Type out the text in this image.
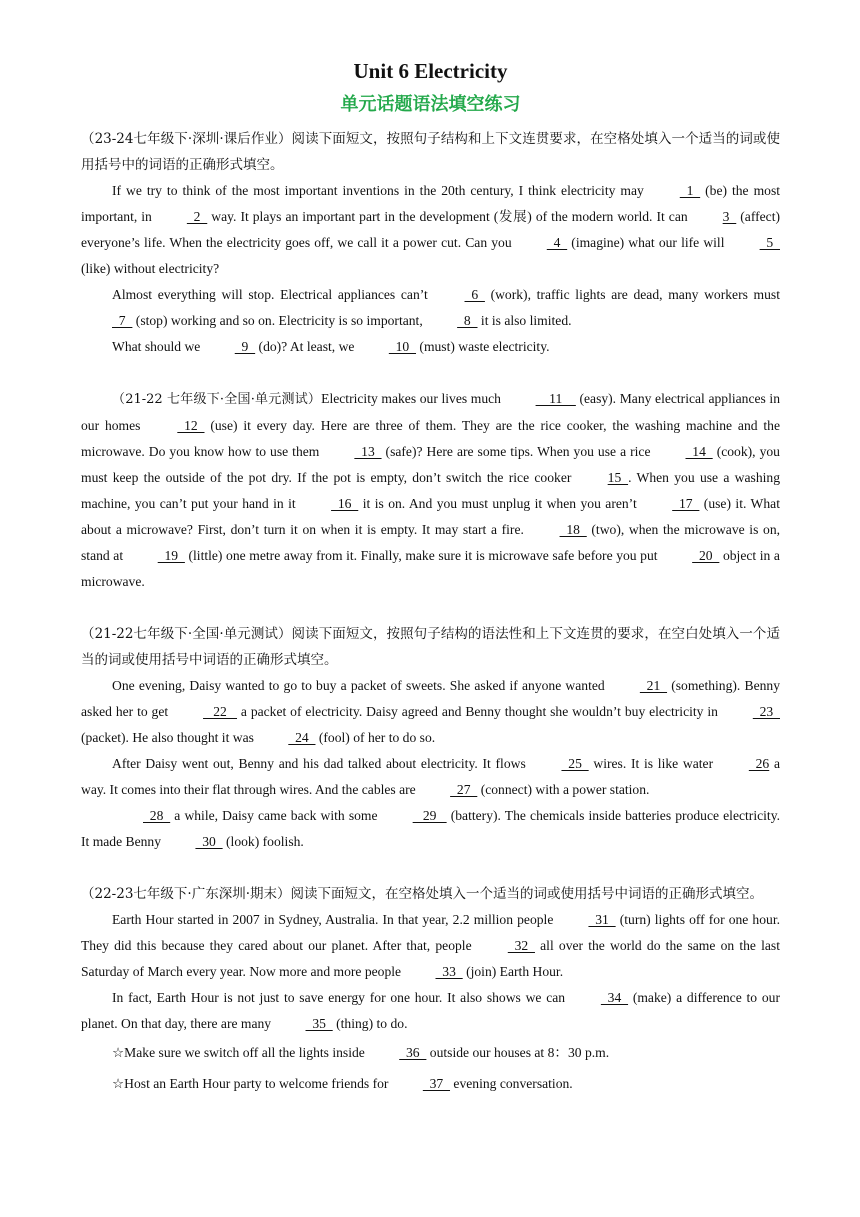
Unit 6 Electricity
单元话题语法填空练习

（23-24七年级下·深圳·课后作业）阅读下面短文，按照句子结构和上下文连贯要求，在空格处填入一个适当的词或使用括号中的词语的正确形式填空。

If we try to think of the most important inventions in the 20th century, I think electricity may   1   (be) the most important, in   2   way. It plays an important part in the development (发展) of the modern world. It can 3   (affect) everyone’s life. When the electricity goes off, we call it a power cut. Can you   4   (imagine) what our life will   5   (like) without electricity?

Almost everything will stop. Electrical appliances can’t   6   (work), traffic lights are dead, many workers must   7   (stop) working and so on. Electricity is so important,   8   it is also limited.

What should we   9   (do)? At least, we   10   (must) waste electricity.

（21-22 七年级下·全国·单元测试）Electricity makes our lives much     11     (easy). Many electrical appliances in our homes   12   (use) it every day. Here are three of them. They are the rice cooker, the washing machine and the microwave. Do you know how to use them   13   (safe)? Here are some tips. When you use a rice   14   (cook), you must keep the outside of the pot dry. If the pot is empty, don’t switch the rice cooker 15  . When you use a washing machine, you can’t put your hand in it   16   it is on. And you must unplug it when you aren’t   17   (use) it. What about a microwave? First, don’t turn it on when it is empty. It may start a fire.   18   (two), when the microwave is on, stand at   19   (little) one metre away from it. Finally, make sure it is microwave safe before you put   20   object in a microwave.

（21-22七年级下·全国·单元测试）阅读下面短文，按照句子结构的语法性和上下文连贯的要求，在空白处填入一个适当的词或使用括号中词语的正确形式填空。

One evening, Daisy wanted to go to buy a packet of sweets. She asked if anyone wanted   21   (something). Benny asked her to get    22    a packet of electricity. Daisy agreed and Benny thought she wouldn’t buy electricity in   23   (packet). He also thought it was   24   (fool) of her to do so.

After Daisy went out, Benny and his dad talked about electricity. It flows   25   wires. It is like water   26 a way. It comes into their flat through wires. And the cables are   27   (connect) with a power station.

28   a while, Daisy came back with some    29    (battery). The chemicals inside batteries produce electricity. It made Benny   30   (look) foolish.

（22-23七年级下·广东深圳·期末）阅读下面短文，在空格处填入一个适当的词或使用括号中词语的正确形式填空。

Earth Hour started in 2007 in Sydney, Australia. In that year, 2.2 million people   31   (turn) lights off for one hour. They did this because they cared about our planet. After that, people   32   all over the world do the same on the last Saturday of March every year. Now more and more people   33   (join) Earth Hour.

In fact, Earth Hour is not just to save energy for one hour. It also shows we can   34   (make) a difference to our planet. On that day, there are many   35   (thing) to do.

☆Make sure we switch off all the lights inside   36   outside our houses at 8：30 p.m.

☆Host an Earth Hour party to welcome friends for   37   evening conversation.
